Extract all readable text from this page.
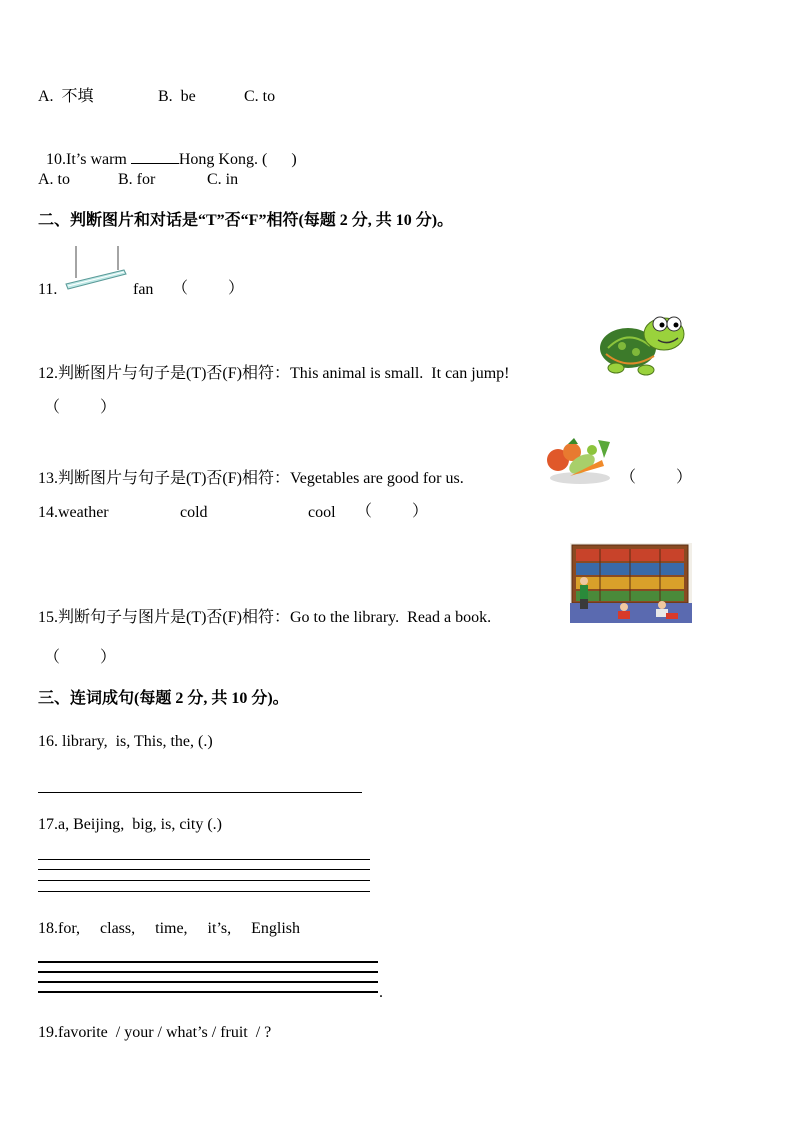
A.  不填	B.  be	C. to

10.It’s warm	Hong Kong. (      )

A. to	B. for	C. in
二、判断图片和对话是“T”否“F”相符(每题 2 分, 共 10 分)。
11.	fan （          ）
12.判断图片与句子是(T)否(F)相符：This animal is small.  It can jump!
（          ）
13.判断图片与句子是(T)否(F)相符：Vegetables are good for us.	（          ）
14.weather	cold	cool （          ）
15.判断句子与图片是(T)否(F)相符：Go to the library.  Read a book.
（          ）
三、连词成句(每题 2 分, 共 10 分)。
16. library,  is, This, the, (.)
17.a, Beijing,  big, is, city (.)
18.for,     class,     time,     it’s,     English
.
19.favorite  / your / what’s / fruit  / ?
